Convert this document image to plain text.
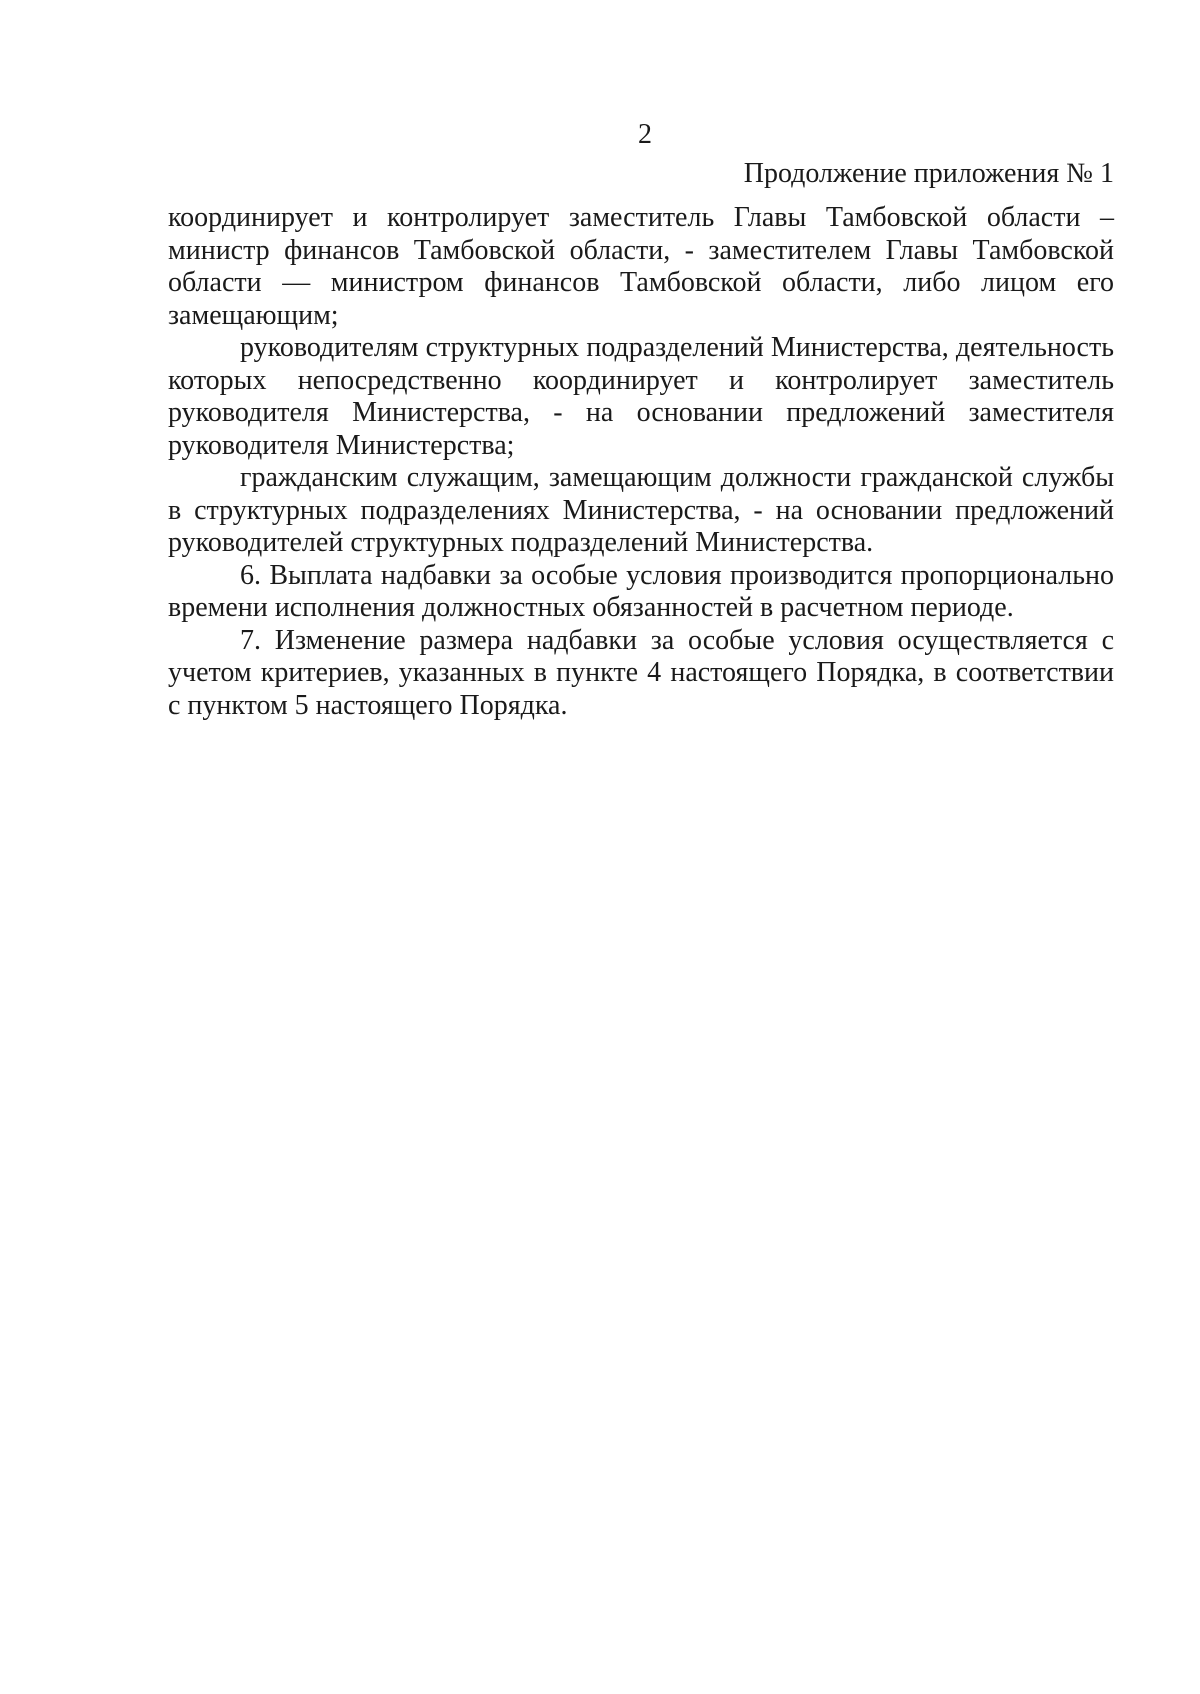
2
Продолжение приложения № 1

координирует и контролирует заместитель Главы Тамбовской области – министр финансов Тамбовской области, - заместителем Главы Тамбовской области — министром финансов Тамбовской области, либо лицом его замещающим;

руководителям структурных подразделений Министерства, деятельность которых непосредственно координирует и контролирует заместитель руководителя Министерства, - на основании предложений заместителя руководителя Министерства;

гражданским служащим, замещающим должности гражданской службы в структурных подразделениях Министерства, - на основании предложений руководителей структурных подразделений Министерства.

6. Выплата надбавки за особые условия производится пропорционально времени исполнения должностных обязанностей в расчетном периоде.

7. Изменение размера надбавки за особые условия осуществляется с учетом критериев, указанных в пункте 4 настоящего Порядка, в соответствии с пунктом 5 настоящего Порядка.
